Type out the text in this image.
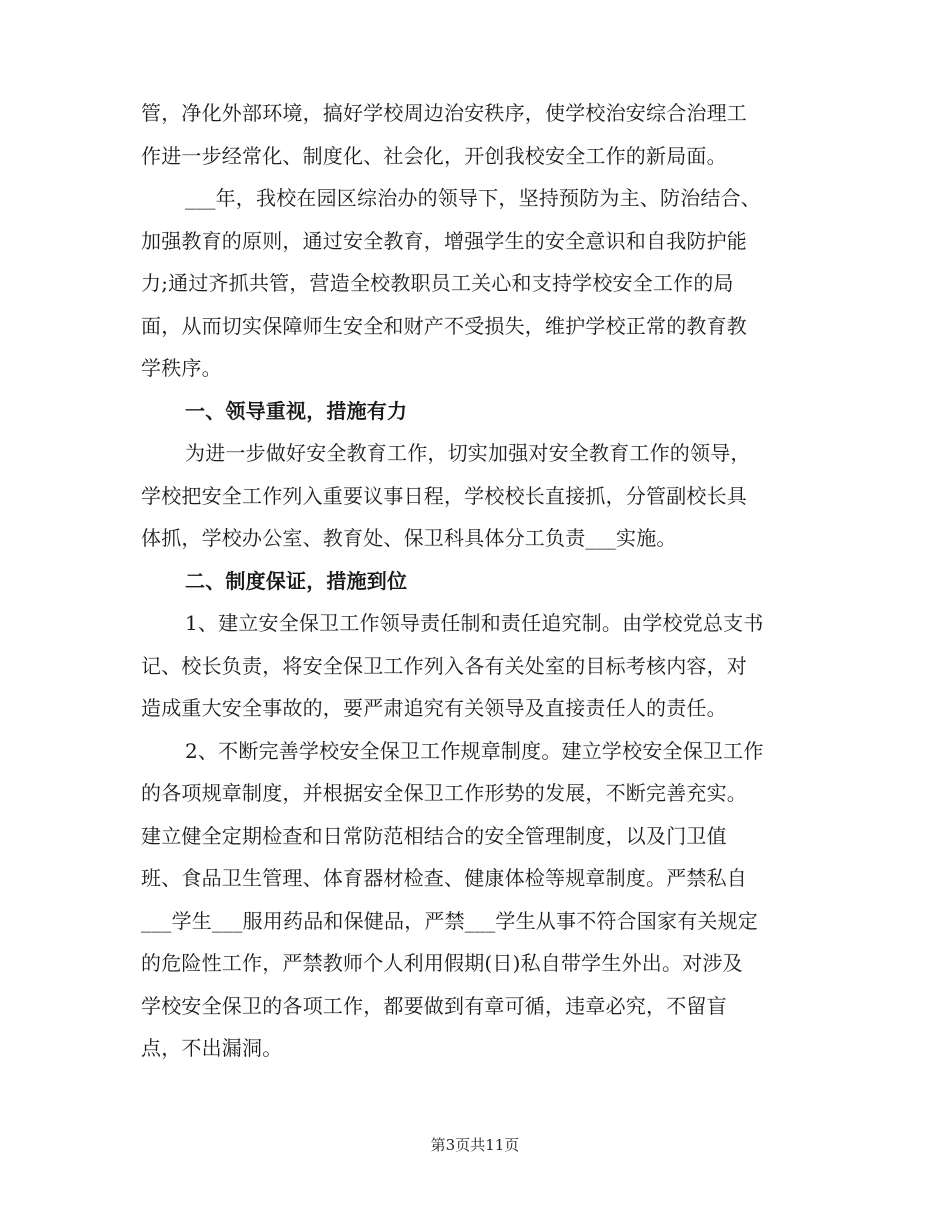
管，净化外部环境，搞好学校周边治安秩序，使学校治安综合治理工
作进一步经常化、制度化、社会化，开创我校安全工作的新局面。
___年，我校在园区综治办的领导下，坚持预防为主、防治结合、
加强教育的原则，通过安全教育，增强学生的安全意识和自我防护能
力;通过齐抓共管，营造全校教职员工关心和支持学校安全工作的局
面，从而切实保障师生安全和财产不受损失，维护学校正常的教育教
学秩序。
一、领导重视，措施有力
为进一步做好安全教育工作，切实加强对安全教育工作的领导，
学校把安全工作列入重要议事日程，学校校长直接抓，分管副校长具
体抓，学校办公室、教育处、保卫科具体分工负责___实施。
二、制度保证，措施到位
1、建立安全保卫工作领导责任制和责任追究制。由学校党总支书
记、校长负责，将安全保卫工作列入各有关处室的目标考核内容，对
造成重大安全事故的，要严肃追究有关领导及直接责任人的责任。
2、不断完善学校安全保卫工作规章制度。建立学校安全保卫工作
的各项规章制度，并根据安全保卫工作形势的发展，不断完善充实。
建立健全定期检查和日常防范相结合的安全管理制度，以及门卫值
班、食品卫生管理、体育器材检查、健康体检等规章制度。严禁私自
___学生___服用药品和保健品，严禁___学生从事不符合国家有关规定
的危险性工作，严禁教师个人利用假期(日)私自带学生外出。对涉及
学校安全保卫的各项工作，都要做到有章可循，违章必究，不留盲
点，不出漏洞。
第3页共11页
